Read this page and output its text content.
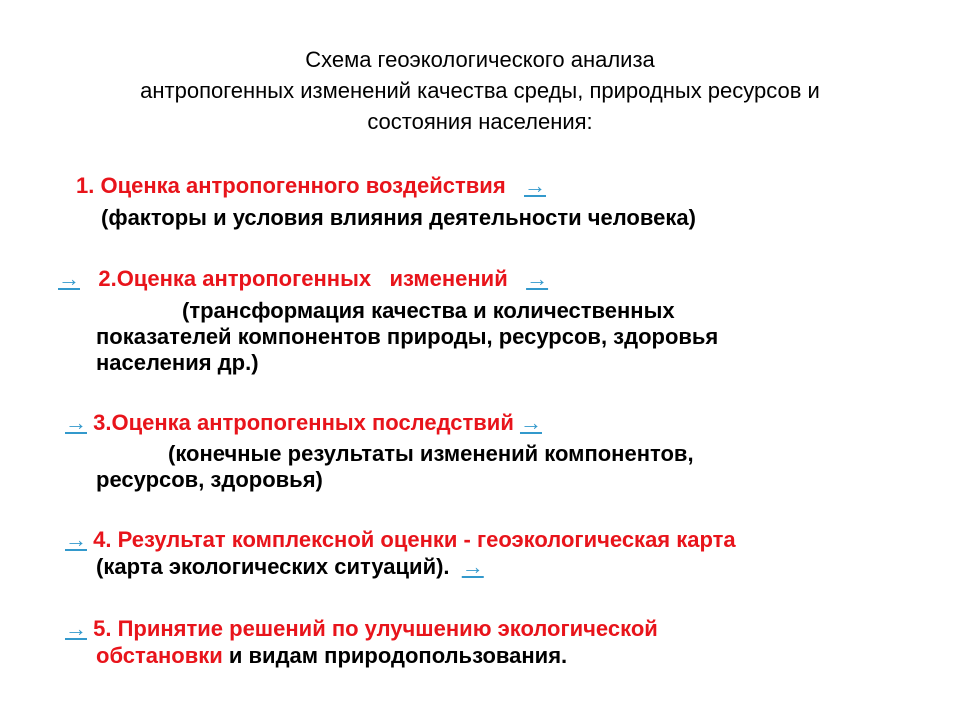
Схема геоэкологического анализа
антропогенных изменений качества среды, природных ресурсов и
состояния населения:
1. Оценка антропогенного воздействия →
(факторы и условия влияния деятельности человека)
→ 2.Оценка антропогенных   изменений →
(трансформация качества и количественных
показателей компонентов природы, ресурсов, здоровья
населения др.)
→ 3.Оценка антропогенных последствий →
(конечные результаты изменений компонентов,
ресурсов, здоровья)
→ 4. Результат комплексной оценки - геоэкологическая карта
(карта экологических ситуаций). →
→ 5. Принятие решений по улучшению экологической
обстановки и видам природопользования.
